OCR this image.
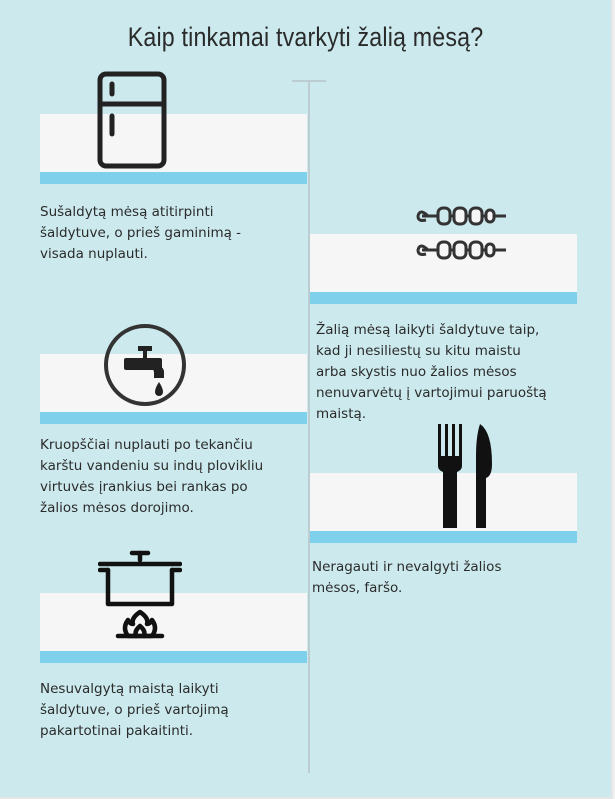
Kaip tinkamai tvarkyti žalią mėsą?
Sušaldytą mėsą atitirpinti
šaldytuve, o prieš gaminimą -
visada nuplauti.
Žalią mėsą laikyti šaldytuve taip,
kad ji nesiliestų su kitu maistu
arba skystis nuo žalios mėsos
nenuvarvėtų į vartojimui paruoštą
maistą.
Kruopščiai nuplauti po tekančiu
karštu vandeniu su indų plovikliu
virtuvės įrankius bei rankas po
žalios mėsos dorojimo.
Neragauti ir nevalgyti žalios
mėsos, faršo.
Nesuvalgytą maistą laikyti
šaldytuve, o prieš vartojimą
pakartotinai pakaitinti.
